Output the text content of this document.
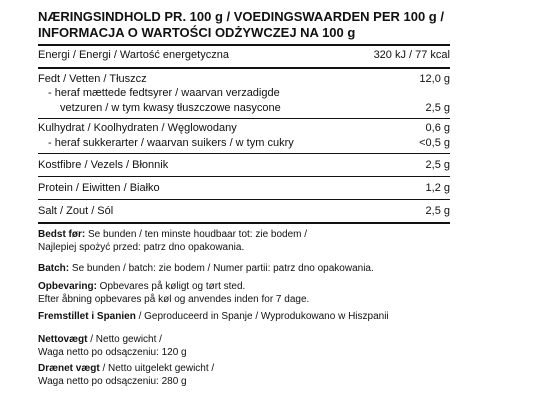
NÆRINGSINDHOLD PR. 100 g / VOEDINGSWAARDEN PER 100 g /
INFORMACJA O WARTOŚCI ODŻYWCZEJ NA 100 g
Energi / Energi / Wartość energetyczna	320 kJ / 77 kcal
Fedt / Vetten / Tłuszcz	12,0 g
- heraf mættede fedtsyrer / waarvan verzadigde
vetzuren / w tym kwasy tłuszczowe nasycone	2,5 g
Kulhydrat / Koolhydraten / Węglowodany	0,6 g
- heraf sukkerarter / waarvan suikers / w tym cukry	<0,5 g
Kostfibre / Vezels / Błonnik	2,5 g
Protein / Eiwitten / Białko	1,2 g
Salt / Zout / Sól	2,5 g
Bedst før: Se bunden / ten minste houdbaar tot: zie bodem /
Najlepiej spożyć przed: patrz dno opakowania.
Batch: Se bunden / batch: zie bodem / Numer partii: patrz dno opakowania.
Opbevaring: Opbevares på køligt og tørt sted.
Efter åbning opbevares på køl og anvendes inden for 7 dage.
Fremstillet i Spanien / Geproduceerd in Spanje / Wyprodukowano w Hiszpanii
Nettovægt / Netto gewicht /
Waga netto po odsączeniu: 120 g
Drænet vægt / Netto uitgelekt gewicht /
Waga netto po odsączeniu: 280 g
